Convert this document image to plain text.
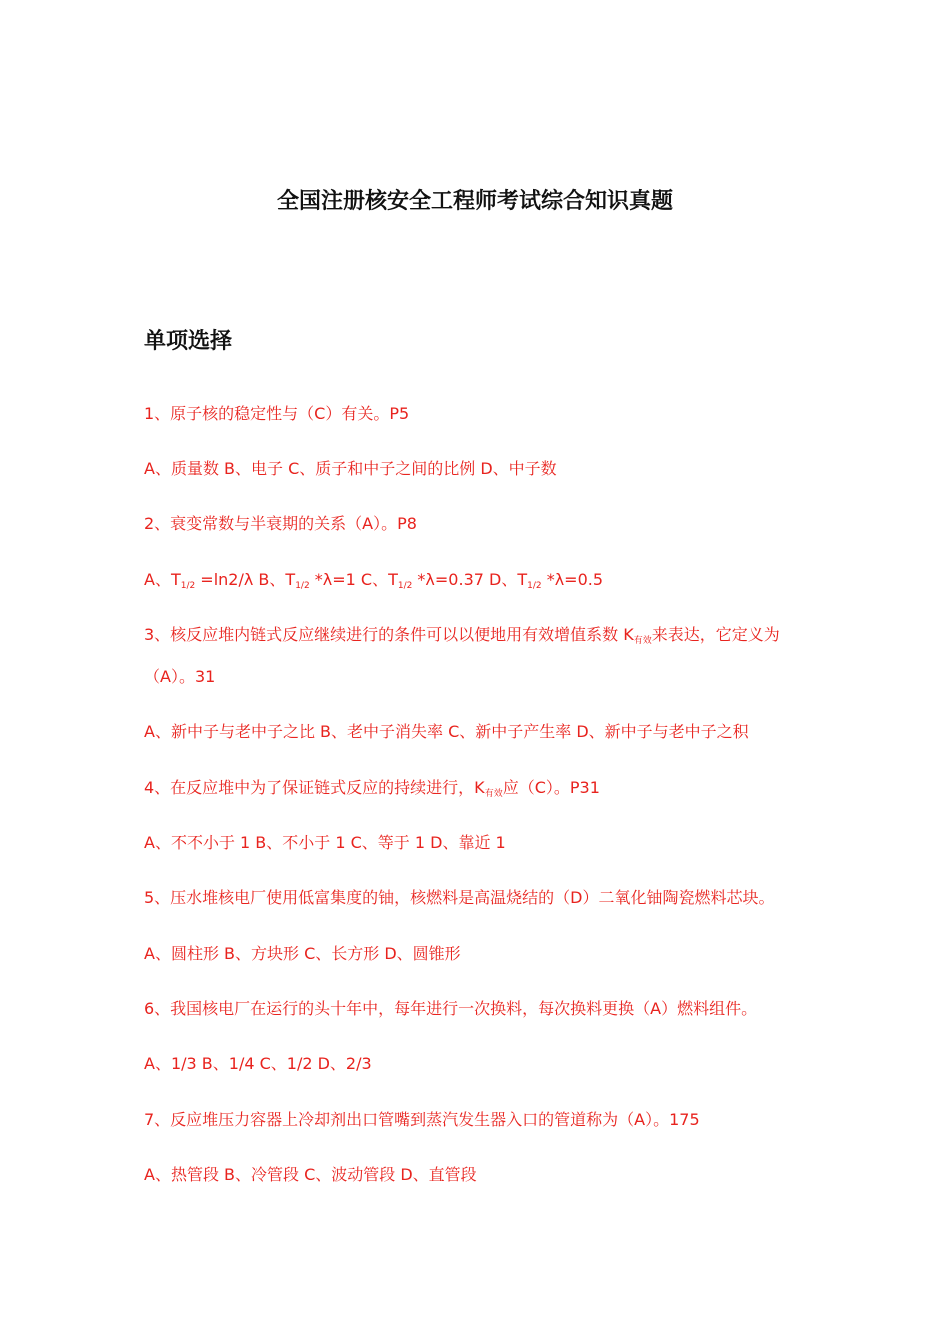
全国注册核安全工程师考试综合知识真题
单项选择
1、原子核的稳定性与（C）有关。P5
A、质量数 B、电子 C、质子和中子之间的比例 D、中子数
2、衰变常数与半衰期的关系（A）。P8
A、$T_{1/2} =\ln 2/\lambda$ B、$T_{1/2}$ *λ=1 C、$T_{1/2}$ *λ=0.37 D、$T_{1/2}$ *λ=0.5
3、核反应堆内链式反应继续进行的条件可以以便地用有效增值系数 $K_{有效}$来表达，它定义为（A）。31
A、新中子与老中子之比 B、老中子消失率 C、新中子产生率 D、新中子与老中子之积
4、在反应堆中为了保证链式反应的持续进行，$K_{有效}$应（C）。P31
A、不不小于 1 B、不小于 1 C、等于 1 D、靠近 1
5、压水堆核电厂使用低富集度的铀，核燃料是高温烧结的（D）二氧化铀陶瓷燃料芯块。
A、圆柱形 B、方块形 C、长方形 D、圆锥形
6、我国核电厂在运行的头十年中，每年进行一次换料，每次换料更换（A）燃料组件。
A、1/3 B、1/4 C、1/2 D、2/3
7、反应堆压力容器上冷却剂出口管嘴到蒸汽发生器入口的管道称为（A）。175
A、热管段 B、冷管段 C、波动管段 D、直管段
